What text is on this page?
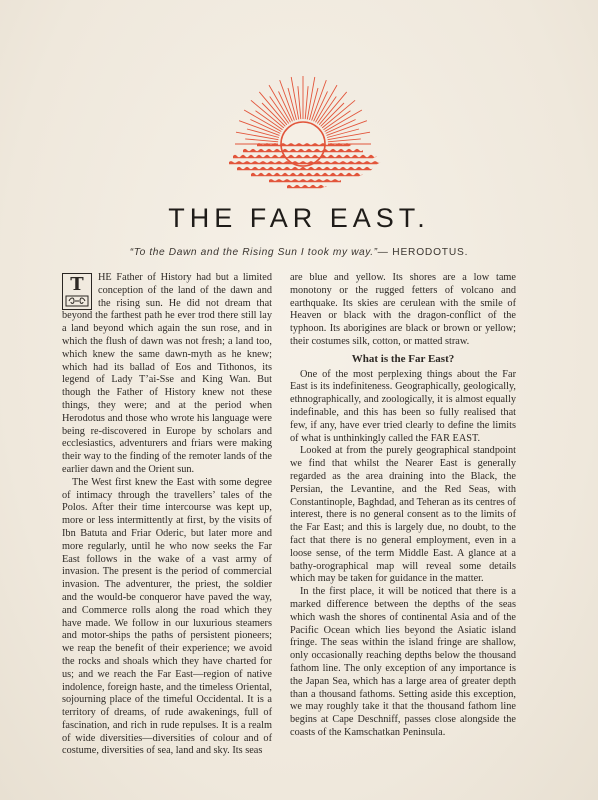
THE FAR EAST.
“To the Dawn and the Rising Sun I took my way.”— HERODOTUS.
T	HE Father of History had but a limited conception of the land of the dawn and the rising sun. He did not dream that beyond the farthest path he ever trod there still lay a land beyond which again the sun rose, and in which the flush of dawn was not fresh; a land too, which knew the same dawn-myth as he knew; which had its ballad of Eos and Tithonos, its legend of Lady T’ai-Sse and King Wan. But though the Father of History knew not these things, they were; and at the period when Herodotus and those who wrote his language were being re-discovered in Europe by scholars and ecclesiastics, adventurers and friars were making their way to the finding of the remoter lands of the earlier dawn and the Orient sun.

The West first knew the East with some degree of intimacy through the travellers’ tales of the Polos. After their time intercourse was kept up, more or less intermittently at first, by the visits of Ibn Batuta and Friar Oderic, but later more and more regularly, until he who now seeks the Far East follows in the wake of a vast army of invasion. The present is the period of commercial invasion. The adventurer, the priest, the soldier and the would-be conqueror have paved the way, and Commerce rolls along the road which they have made. We follow in our luxurious steamers and motor-ships the paths of persistent pioneers; we reap the benefit of their experience; we avoid the rocks and shoals which they have charted for us; and we reach the Far East—region of native indolence, foreign haste, and the timeless Oriental, sojourning place of the timeful Occidental. It is a territory of dreams, of rude awakenings, full of fascination, and rich in rude repulses. It is a realm of wide diversities—diversities of colour and of costume, diversities of sea, land and sky. Its seas

are blue and yellow. Its shores are a low tame monotony or the rugged fetters of volcano and earthquake. Its skies are cerulean with the smile of Heaven or black with the dragon-conflict of the typhoon. Its aborigines are black or brown or yellow; their costumes silk, cotton, or matted straw.

What is the Far East?

One of the most perplexing things about the Far East is its indefiniteness. Geographically, geologically, ethnographically, and zoologically, it is almost equally indefinable, and this has been so fully realised that few, if any, have ever tried clearly to define the limits of what is unthinkingly called the FAR EAST.

Looked at from the purely geographical standpoint we find that whilst the Nearer East is generally regarded as the area draining into the Black, the Persian, the Levantine, and the Red Seas, with Constantinople, Baghdad, and Teheran as its centres of interest, there is no general consent as to the limits of the Far East; and this is largely due, no doubt, to the fact that there is no general employment, even in a loose sense, of the term Middle East. A glance at a bathy-orographical map will reveal some details which may be taken for guidance in the matter.

In the first place, it will be noticed that there is a marked difference between the depths of the seas which wash the shores of continental Asia and of the Pacific Ocean which lies beyond the Asiatic island fringe. The seas within the island fringe are shallow, only occasionally reaching depths below the thousand fathom line. The only exception of any importance is the Japan Sea, which has a large area of greater depth than a thousand fathoms. Setting aside this exception, we may roughly take it that the thousand fathom line begins at Cape Deschniff, passes close alongside the coasts of the Kamschatkan Peninsula.
